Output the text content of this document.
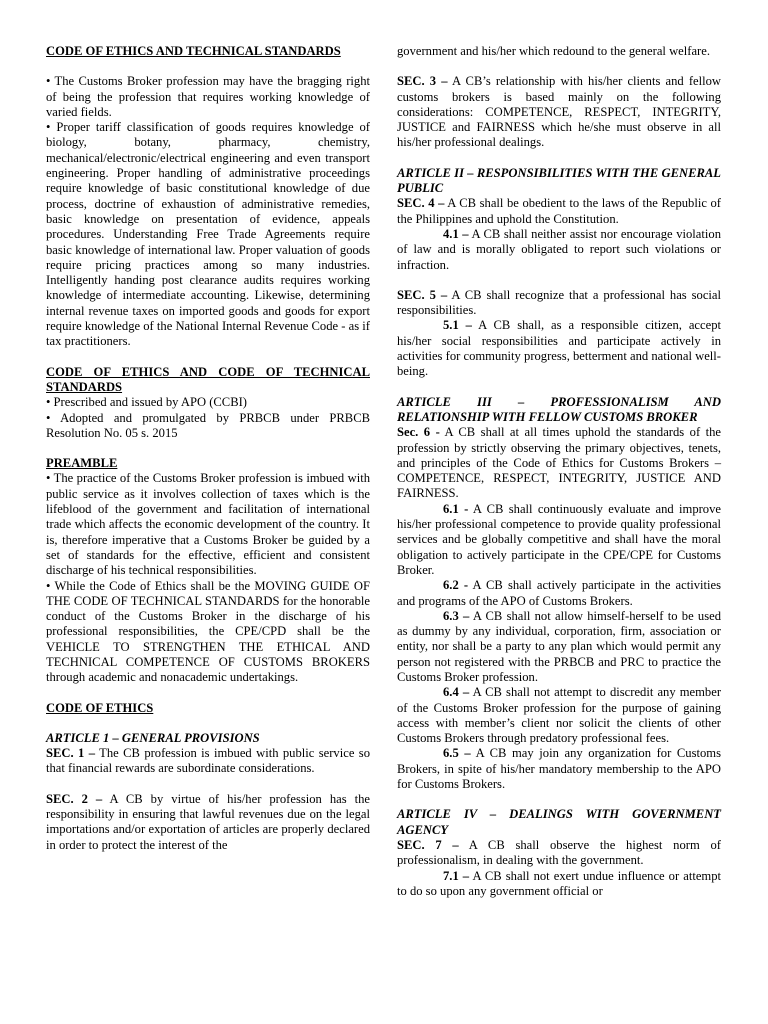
CODE OF ETHICS AND TECHNICAL STANDARDS

• The Customs Broker profession may have the bragging right of being the profession that requires working knowledge of varied fields.

• Proper tariff classification of goods requires knowledge of biology, botany, pharmacy, chemistry, mechanical/electronic/electrical engineering and even transport engineering. Proper handling of administrative proceedings require knowledge of basic constitutional knowledge of due process, doctrine of exhaustion of administrative remedies, basic knowledge on presentation of evidence, appeals procedures. Understanding Free Trade Agreements require basic knowledge of international law. Proper valuation of goods require pricing practices among so many industries. Intelligently handing post clearance audits requires working knowledge of intermediate accounting. Likewise, determining internal revenue taxes on imported goods and goods for export require knowledge of the National Internal Revenue Code - as if tax practitioners.

CODE OF ETHICS AND CODE OF TECHNICAL STANDARDS

• Prescribed and issued by APO (CCBI)

• Adopted and promulgated by PRBCB under PRBCB Resolution No. 05 s. 2015

PREAMBLE

• The practice of the Customs Broker profession is imbued with public service as it involves collection of taxes which is the lifeblood of the government and facilitation of international trade which affects the economic development of the country. It is, therefore imperative that a Customs Broker be guided by a set of standards for the effective, efficient and consistent discharge of his technical responsibilities.

• While the Code of Ethics shall be the MOVING GUIDE OF THE CODE OF TECHNICAL STANDARDS for the honorable conduct of the Customs Broker in the discharge of his professional responsibilities, the CPE/CPD shall be the VEHICLE TO STRENGTHEN THE ETHICAL AND TECHNICAL COMPETENCE OF CUSTOMS BROKERS through academic and nonacademic undertakings.

CODE OF ETHICS

ARTICLE 1 – GENERAL PROVISIONS

SEC. 1 – The CB profession is imbued with public service so that financial rewards are subordinate considerations.

SEC. 2 – A CB by virtue of his/her profession has the responsibility in ensuring that lawful revenues due on the legal importations and/or exportation of articles are properly declared in order to protect the interest of the

government and his/her which redound to the general welfare.

SEC. 3 – A CB’s relationship with his/her clients and fellow customs brokers is based mainly on the following considerations: COMPETENCE, RESPECT, INTEGRITY, JUSTICE and FAIRNESS which he/she must observe in all his/her professional dealings.

ARTICLE II – RESPONSIBILITIES WITH THE GENERAL PUBLIC

SEC. 4 – A CB shall be obedient to the laws of the Republic of the Philippines and uphold the Constitution.

4.1 – A CB shall neither assist nor encourage violation of law and is morally obligated to report such violations or infraction.

SEC. 5 – A CB shall recognize that a professional has social responsibilities.

5.1 – A CB shall, as a responsible citizen, accept his/her social responsibilities and participate actively in activities for community progress, betterment and national well- being.

ARTICLE III – PROFESSIONALISM AND RELATIONSHIP WITH FELLOW CUSTOMS BROKER

Sec. 6 - A CB shall at all times uphold the standards of the profession by strictly observing the primary objectives, tenets, and principles of the Code of Ethics for Customs Brokers – COMPETENCE, RESPECT, INTEGRITY, JUSTICE AND FAIRNESS.

6.1 - A CB shall continuously evaluate and improve his/her professional competence to provide quality professional services and be globally competitive and shall have the moral obligation to actively participate in the CPE/CPE for Customs Broker.

6.2 - A CB shall actively participate in the activities and programs of the APO of Customs Brokers.

6.3 – A CB shall not allow himself-herself to be used as dummy by any individual, corporation, firm, association or entity, nor shall be a party to any plan which would permit any person not registered with the PRBCB and PRC to practice the Customs Broker profession.

6.4 – A CB shall not attempt to discredit any member of the Customs Broker profession for the purpose of gaining access with member’s client nor solicit the clients of other Customs Brokers through predatory professional fees.

6.5 – A CB may join any organization for Customs Brokers, in spite of his/her mandatory membership to the APO for Customs Brokers.

ARTICLE IV – DEALINGS WITH GOVERNMENT AGENCY

SEC. 7 – A CB shall observe the highest norm of professionalism, in dealing with the government.

7.1 – A CB shall not exert undue influence or attempt to do so upon any government official or
